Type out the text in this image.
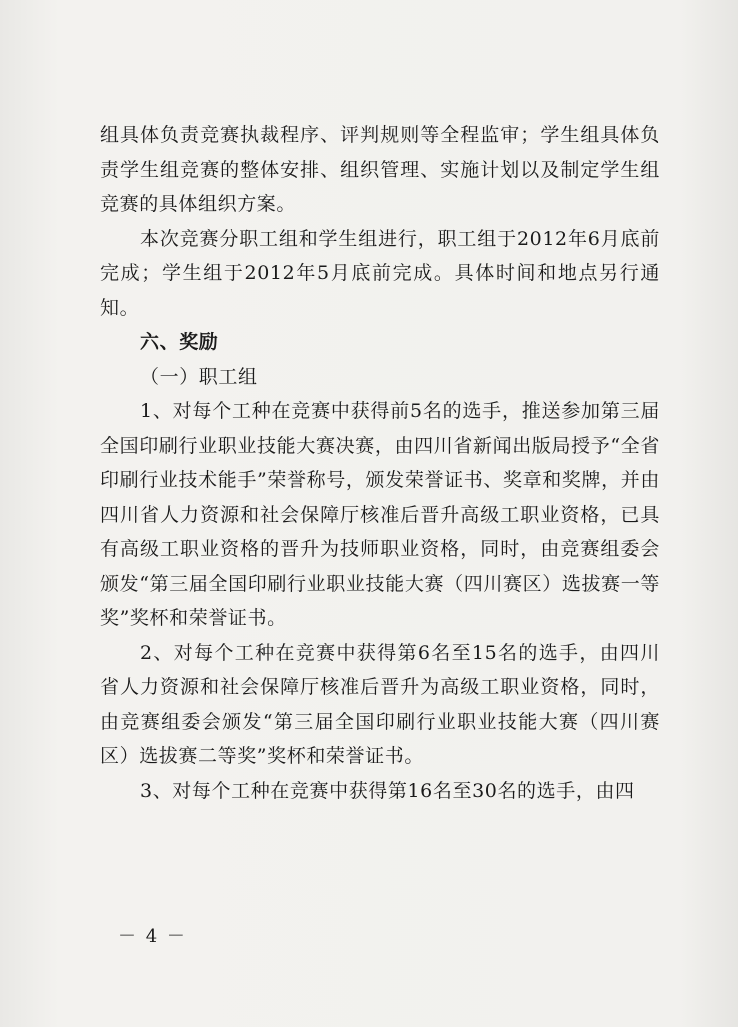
组具体负责竞赛执裁程序、评判规则等全程监审；学生组具体负责学生组竞赛的整体安排、组织管理、实施计划以及制定学生组竞赛的具体组织方案。

本次竞赛分职工组和学生组进行，职工组于2012年6月底前完成；学生组于2012年5月底前完成。具体时间和地点另行通知。

六、奖励

（一）职工组

1、对每个工种在竞赛中获得前5名的选手，推送参加第三届全国印刷行业职业技能大赛决赛，由四川省新闻出版局授予“全省印刷行业技术能手”荣誉称号，颁发荣誉证书、奖章和奖牌，并由四川省人力资源和社会保障厅核准后晋升高级工职业资格，已具有高级工职业资格的晋升为技师职业资格，同时，由竞赛组委会颁发“第三届全国印刷行业职业技能大赛（四川赛区）选拔赛一等奖”奖杯和荣誉证书。

2、对每个工种在竞赛中获得第6名至15名的选手，由四川省人力资源和社会保障厅核准后晋升为高级工职业资格，同时，由竞赛组委会颁发“第三届全国印刷行业职业技能大赛（四川赛区）选拔赛二等奖”奖杯和荣誉证书。

3、对每个工种在竞赛中获得第16名至30名的选手，由四

－ 4 －
